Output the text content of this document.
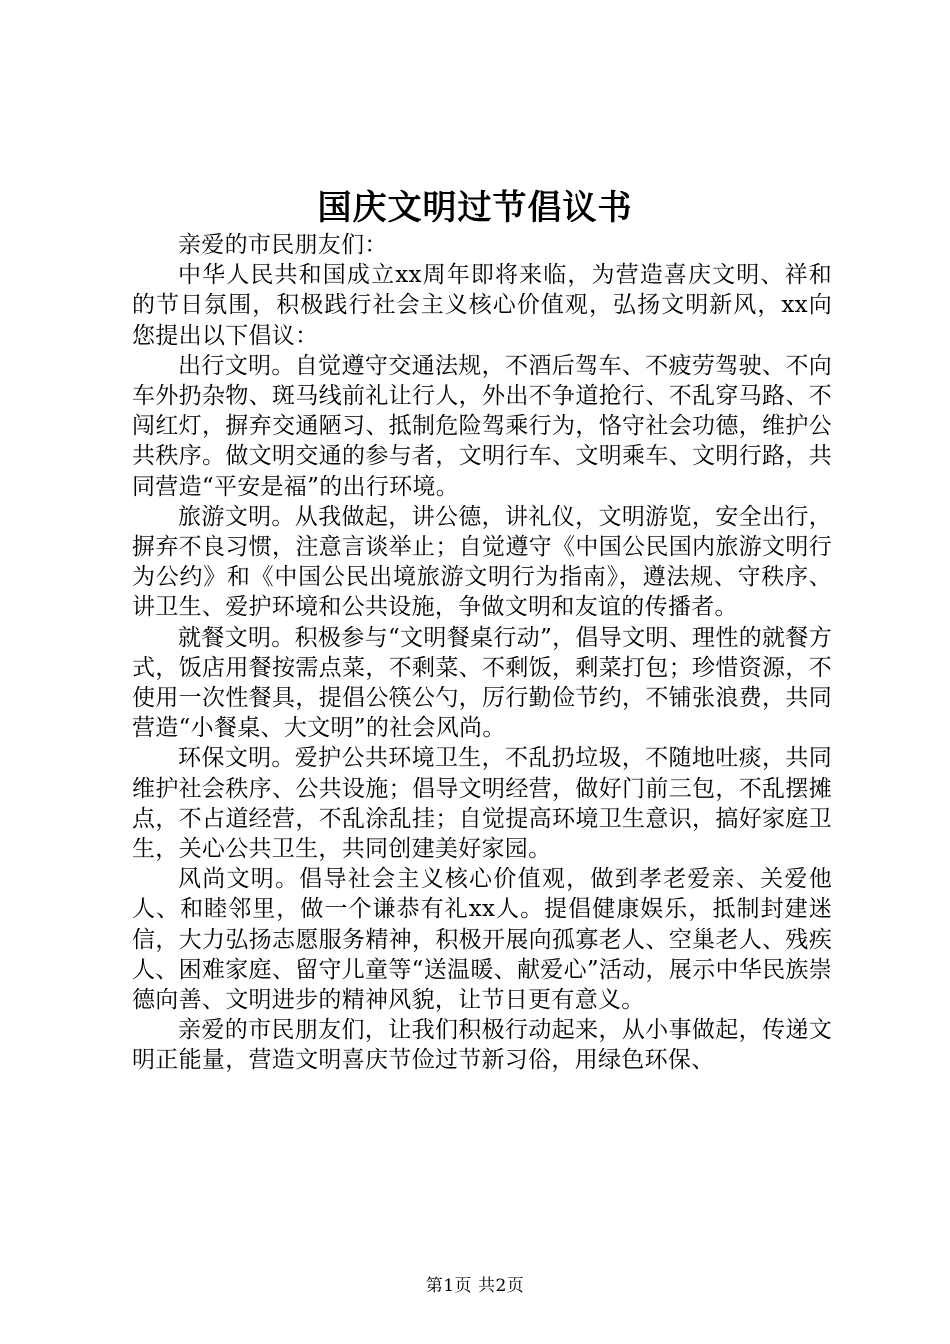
国庆文明过节倡议书

亲爱的市民朋友们：

中华人民共和国成立xx周年即将来临，为营造喜庆文明、祥和的节日氛围，积极践行社会主义核心价值观，弘扬文明新风，xx向您提出以下倡议：

出行文明。自觉遵守交通法规，不酒后驾车、不疲劳驾驶、不向车外扔杂物、斑马线前礼让行人，外出不争道抢行、不乱穿马路、不闯红灯，摒弃交通陋习、抵制危险驾乘行为，恪守社会功德，维护公共秩序。做文明交通的参与者，文明行车、文明乘车、文明行路，共同营造“平安是福”的出行环境。

旅游文明。从我做起，讲公德，讲礼仪，文明游览，安全出行，摒弃不良习惯，注意言谈举止；自觉遵守《中国公民国内旅游文明行为公约》和《中国公民出境旅游文明行为指南》，遵法规、守秩序、讲卫生、爱护环境和公共设施，争做文明和友谊的传播者。

就餐文明。积极参与“文明餐桌行动”，倡导文明、理性的就餐方式，饭店用餐按需点菜，不剩菜、不剩饭，剩菜打包；珍惜资源，不使用一次性餐具，提倡公筷公勺，厉行勤俭节约，不铺张浪费，共同营造“小餐桌、大文明”的社会风尚。

环保文明。爱护公共环境卫生，不乱扔垃圾，不随地吐痰，共同维护社会秩序、公共设施；倡导文明经营，做好门前三包，不乱摆摊点，不占道经营，不乱涂乱挂；自觉提高环境卫生意识，搞好家庭卫生，关心公共卫生，共同创建美好家园。

风尚文明。倡导社会主义核心价值观，做到孝老爱亲、关爱他人、和睦邻里，做一个谦恭有礼xx人。提倡健康娱乐，抵制封建迷信，大力弘扬志愿服务精神，积极开展向孤寡老人、空巢老人、残疾人、困难家庭、留守儿童等“送温暖、献爱心”活动，展示中华民族崇德向善、文明进步的精神风貌，让节日更有意义。

亲爱的市民朋友们，让我们积极行动起来，从小事做起，传递文明正能量，营造文明喜庆节俭过节新习俗，用绿色环保、

第1页 共2页
